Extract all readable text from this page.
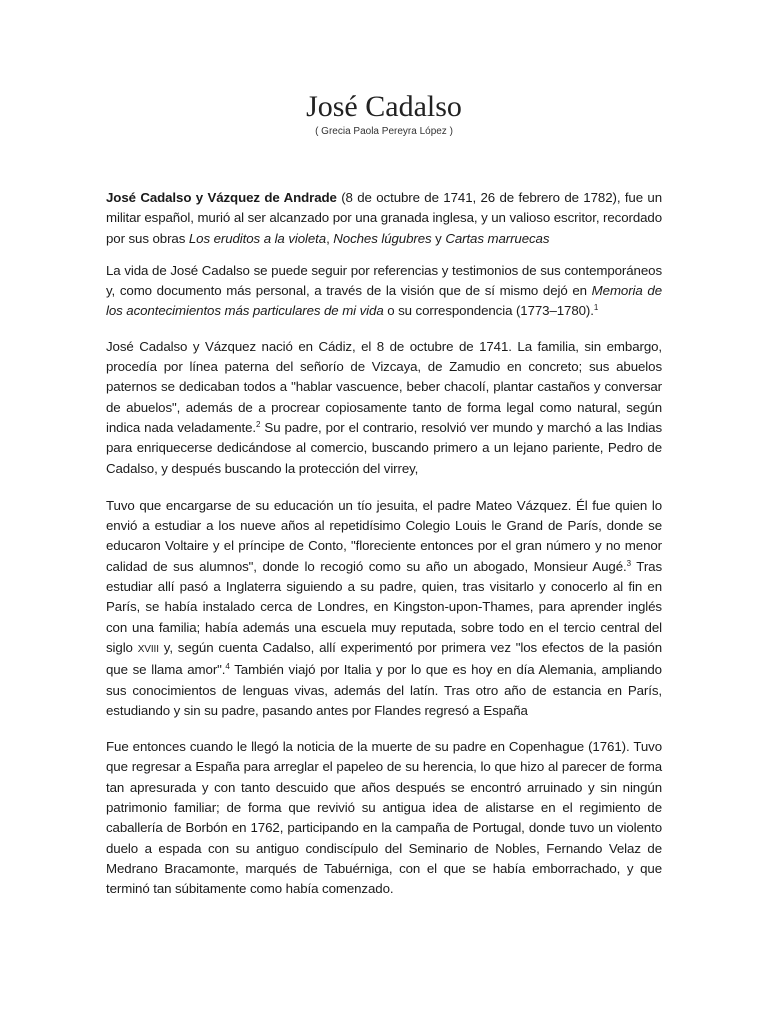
José Cadalso
( Grecia Paola Pereyra López )

José Cadalso y Vázquez de Andrade (8 de octubre de 1741, 26 de febrero de 1782), fue un militar español, murió al ser alcanzado por una granada inglesa, y un valioso escritor, recordado por sus obras Los eruditos a la violeta, Noches lúgubres y Cartas marruecas

La vida de José Cadalso se puede seguir por referencias y testimonios de sus contemporáneos y, como documento más personal, a través de la visión que de sí mismo dejó en Memoria de los acontecimientos más particulares de mi vida o su correspondencia (1773–1780).$^1$

José Cadalso y Vázquez nació en Cádiz, el 8 de octubre de 1741. La familia, sin embargo, procedía por línea paterna del señorío de Vizcaya, de Zamudio en concreto; sus abuelos paternos se dedicaban todos a "hablar vascuence, beber chacolí, plantar castaños y conversar de abuelos", además de a procrear copiosamente tanto de forma legal como natural, según indica nada veladamente.$^2$ Su padre, por el contrario, resolvió ver mundo y marchó a las Indias para enriquecerse dedicándose al comercio, buscando primero a un lejano pariente, Pedro de Cadalso, y después buscando la protección del virrey,

Tuvo que encargarse de su educación un tío jesuita, el padre Mateo Vázquez. Él fue quien lo envió a estudiar a los nueve años al repetidísimo Colegio Louis le Grand de París, donde se educaron Voltaire y el príncipe de Conto, "floreciente entonces por el gran número y no menor calidad de sus alumnos", donde lo recogió como su año un abogado, Monsieur Augé.$^3$ Tras estudiar allí pasó a Inglaterra siguiendo a su padre, quien, tras visitarlo y conocerlo al fin en París, se había instalado cerca de Londres, en Kingston-upon-Thames, para aprender inglés con una familia; había además una escuela muy reputada, sobre todo en el tercio central del siglo XVIII y, según cuenta Cadalso, allí experimentó por primera vez "los efectos de la pasión que se llama amor".$^4$ También viajó por Italia y por lo que es hoy en día Alemania, ampliando sus conocimientos de lenguas vivas, además del latín. Tras otro año de estancia en París, estudiando y sin su padre, pasando antes por Flandes regresó a España

Fue entonces cuando le llegó la noticia de la muerte de su padre en Copenhague (1761). Tuvo que regresar a España para arreglar el papeleo de su herencia, lo que hizo al parecer de forma tan apresurada y con tanto descuido que años después se encontró arruinado y sin ningún patrimonio familiar; de forma que revivió su antigua idea de alistarse en el regimiento de caballería de Borbón en 1762, participando en la campaña de Portugal, donde tuvo un violento duelo a espada con su antiguo condiscípulo del Seminario de Nobles, Fernando Velaz de Medrano Bracamonte, marqués de Tabuérniga, con el que se había emborrachado, y que terminó tan súbitamente como había comenzado.
